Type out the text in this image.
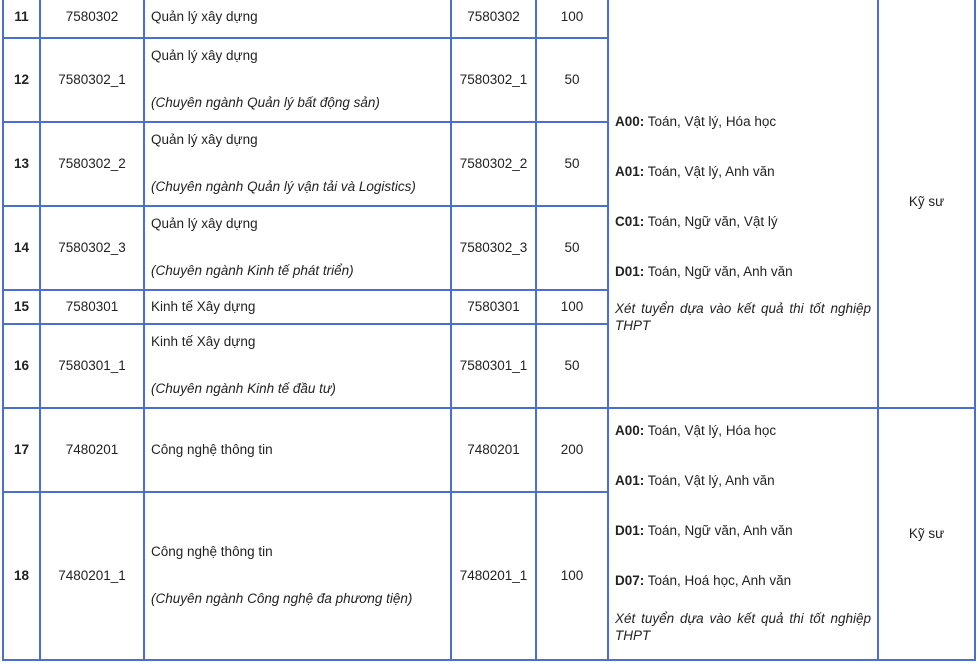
11	7580302	Quản lý xây dựng	7580302	100	A00: Toán, Vật lý, Hóa học

A01: Toán, Vật lý, Anh văn

C01: Toán, Ngữ văn, Vật lý

D01: Toán, Ngữ văn, Anh văn

Xét tuyển dựa vào kết quả thi tốt nghiệp THPT	Kỹ sư
12	7580302_1	Quản lý xây dựng
(Chuyên ngành Quản lý bất động sản)	7580302_1	50		
13	7580302_2	Quản lý xây dựng
(Chuyên ngành Quản lý vận tải và Logistics)	7580302_2	50		
14	7580302_3	Quản lý xây dựng
(Chuyên ngành Kinh tế phát triển)	7580302_3	50		
15	7580301	Kinh tế Xây dựng	7580301	100		
16	7580301_1	Kinh tế Xây dựng
(Chuyên ngành Kinh tế đầu tư)	7580301_1	50		
17	7480201	Công nghệ thông tin	7480201	200	A00: Toán, Vật lý, Hóa học

A01: Toán, Vật lý, Anh văn

D01: Toán, Ngữ văn, Anh văn

D07: Toán, Hoá học, Anh văn

Xét tuyển dựa vào kết quả thi tốt nghiệp THPT	Kỹ sư
18	7480201_1	Công nghệ thông tin
(Chuyên ngành Công nghệ đa phương tiện)	7480201_1	100		
